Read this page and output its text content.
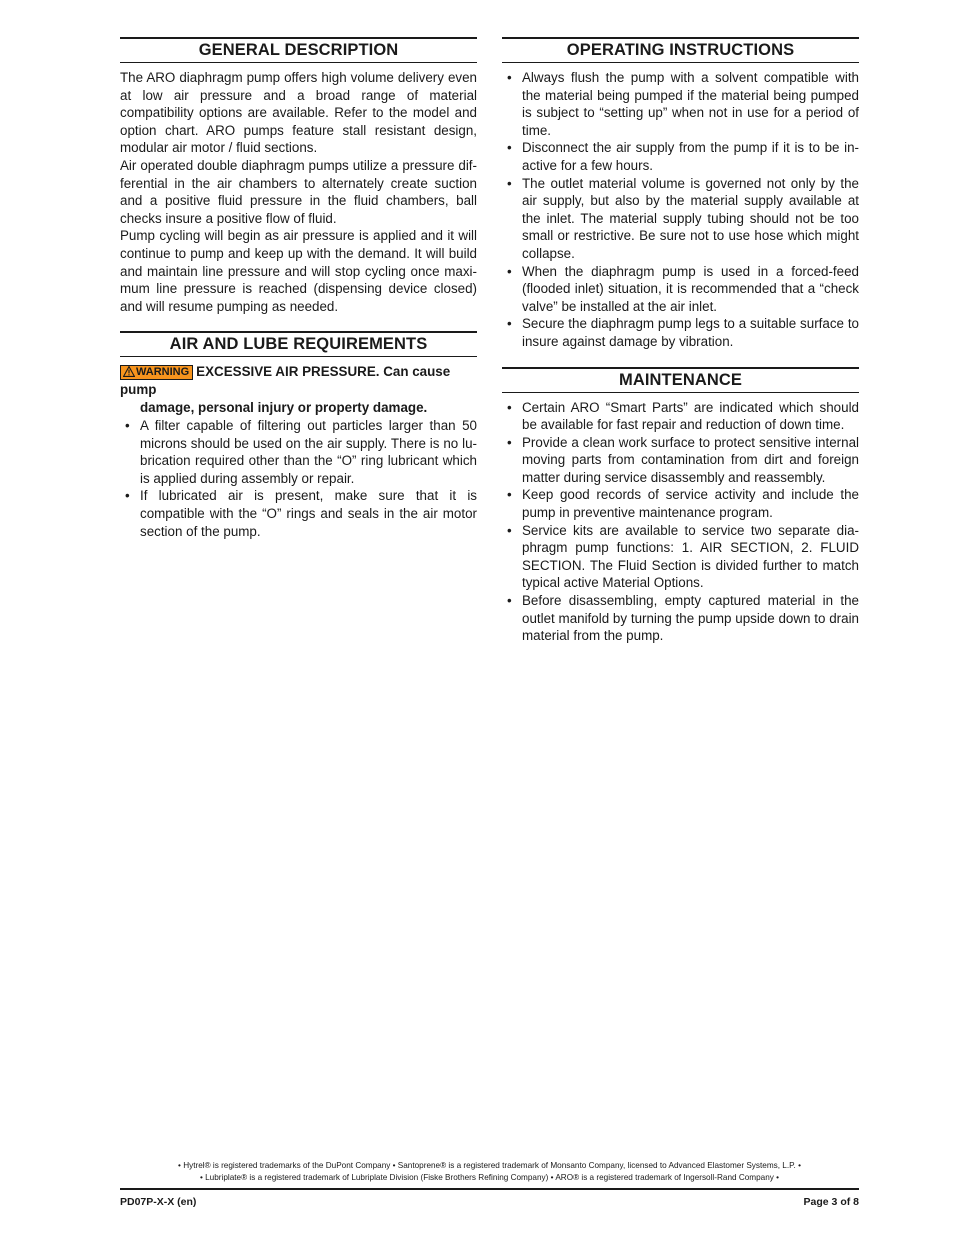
GENERAL DESCRIPTION

The ARO diaphragm pump offers high volume delivery even at low air pressure and a broad range of material compatibility options are available. Refer to the model and option chart. ARO pumps feature stall resistant design, modular air motor / fluid sections.

Air operated double diaphragm pumps utilize a pressure differential in the air chambers to alternately create suction and a positive fluid pressure in the fluid chambers, ball checks insure a positive flow of fluid.

Pump cycling will begin as air pressure is applied and it will continue to pump and keep up with the demand. It will build and maintain line pressure and will stop cycling once maximum line pressure is reached (dispensing device closed) and will resume pumping as needed.

AIR AND LUBE REQUIREMENTS
WARNING EXCESSIVE AIR PRESSURE. Can cause pump
damage, personal injury or property damage.
• A filter capable of filtering out particles larger than 50 microns should be used on the air supply. There is no lubrication required other than the “O” ring lubricant which is applied during assembly or repair.
• If lubricated air is present, make sure that it is compatible with the “O” rings and seals in the air motor section of the pump.
OPERATING INSTRUCTIONS
• Always flush the pump with a solvent compatible with the material being pumped if the material being pumped is subject to “setting up” when not in use for a period of time.
• Disconnect the air supply from the pump if it is to be inactive for a few hours.
• The outlet material volume is governed not only by the air supply, but also by the material supply available at the inlet. The material supply tubing should not be too small or restrictive. Be sure not to use hose which might collapse.
• When the diaphragm pump is used in a forced-feed (flooded inlet) situation, it is recommended that a “check valve” be installed at the air inlet.
• Secure the diaphragm pump legs to a suitable surface to insure against damage by vibration.
MAINTENANCE
• Certain ARO “Smart Parts” are indicated which should be available for fast repair and reduction of down time.
• Provide a clean work surface to protect sensitive internal moving parts from contamination from dirt and foreign matter during service disassembly and reassembly.
• Keep good records of service activity and include the pump in preventive maintenance program.
• Service kits are available to service two separate diaphragm pump functions: 1. AIR SECTION, 2. FLUID SECTION. The Fluid Section is divided further to match typical active Material Options.
• Before disassembling, empty captured material in the outlet manifold by turning the pump upside down to drain material from the pump.
• Hytrel® is registered trademarks of the DuPont Company • Santoprene® is a registered trademark of Monsanto Company, licensed to Advanced Elastomer Systems, L.P. •
• Lubriplate® is a registered trademark of Lubriplate Division (Fiske Brothers Refining Company) • ARO® is a registered trademark of Ingersoll-Rand Company •
PD07P-X-X (en)	Page 3 of 8
